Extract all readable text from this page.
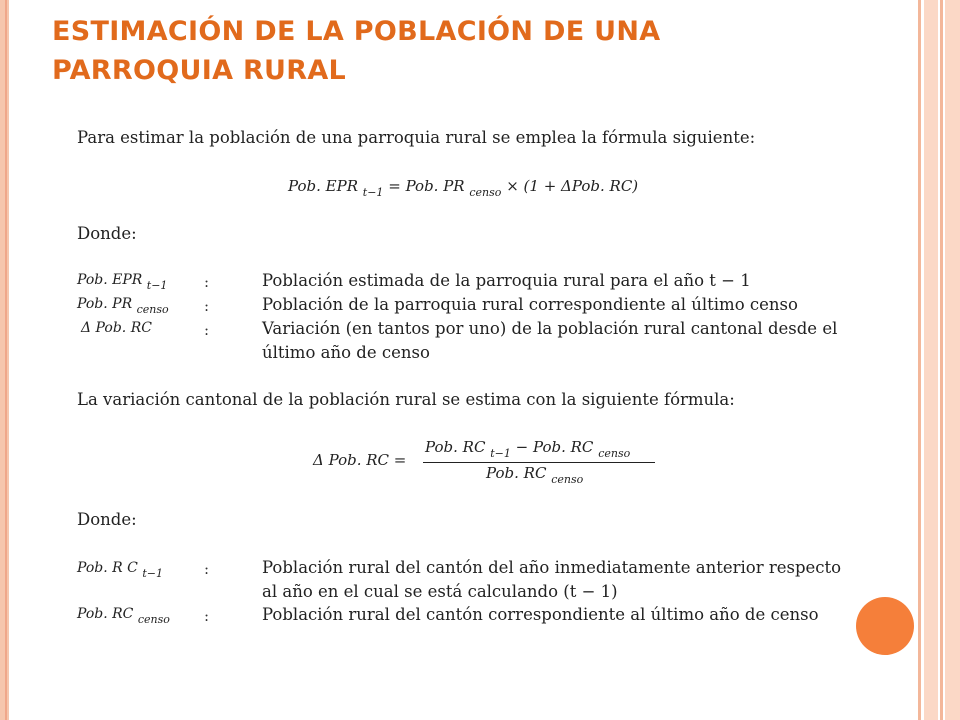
ESTIMACIÓN DE LA POBLACIÓN DE UNA
PARROQUIA RURAL
Para estimar la población de una parroquia rural se emplea la fórmula siguiente:
Pob. EPR $_{t-1}$ = Pob. PR $_{censo}$ × (1 + ΔPob. RC)
Donde:
Pob. EPR $_{t-1}$ :	Población estimada de la parroquia rural para el año t − 1
Pob. PR $_{censo}$ :	Población de la parroquia rural correspondiente al último censo
Δ Pob. RC	:	Variación (en tantos por uno) de la población rural cantonal desde el
último año de censo
La variación cantonal de la población rural se estima con la siguiente fórmula:
Δ Pob. RC =
Pob. RC $_{t-1}$ − Pob. RC $_{censo}$
Pob. RC $_{censo}$
Donde:
Pob. R C $_{t-1}$	:	Población rural del cantón del año inmediatamente anterior respecto
al año en el cual se está calculando (t − 1)
Pob. RC $_{censo}$ :	Población rural del cantón correspondiente al último año de censo
